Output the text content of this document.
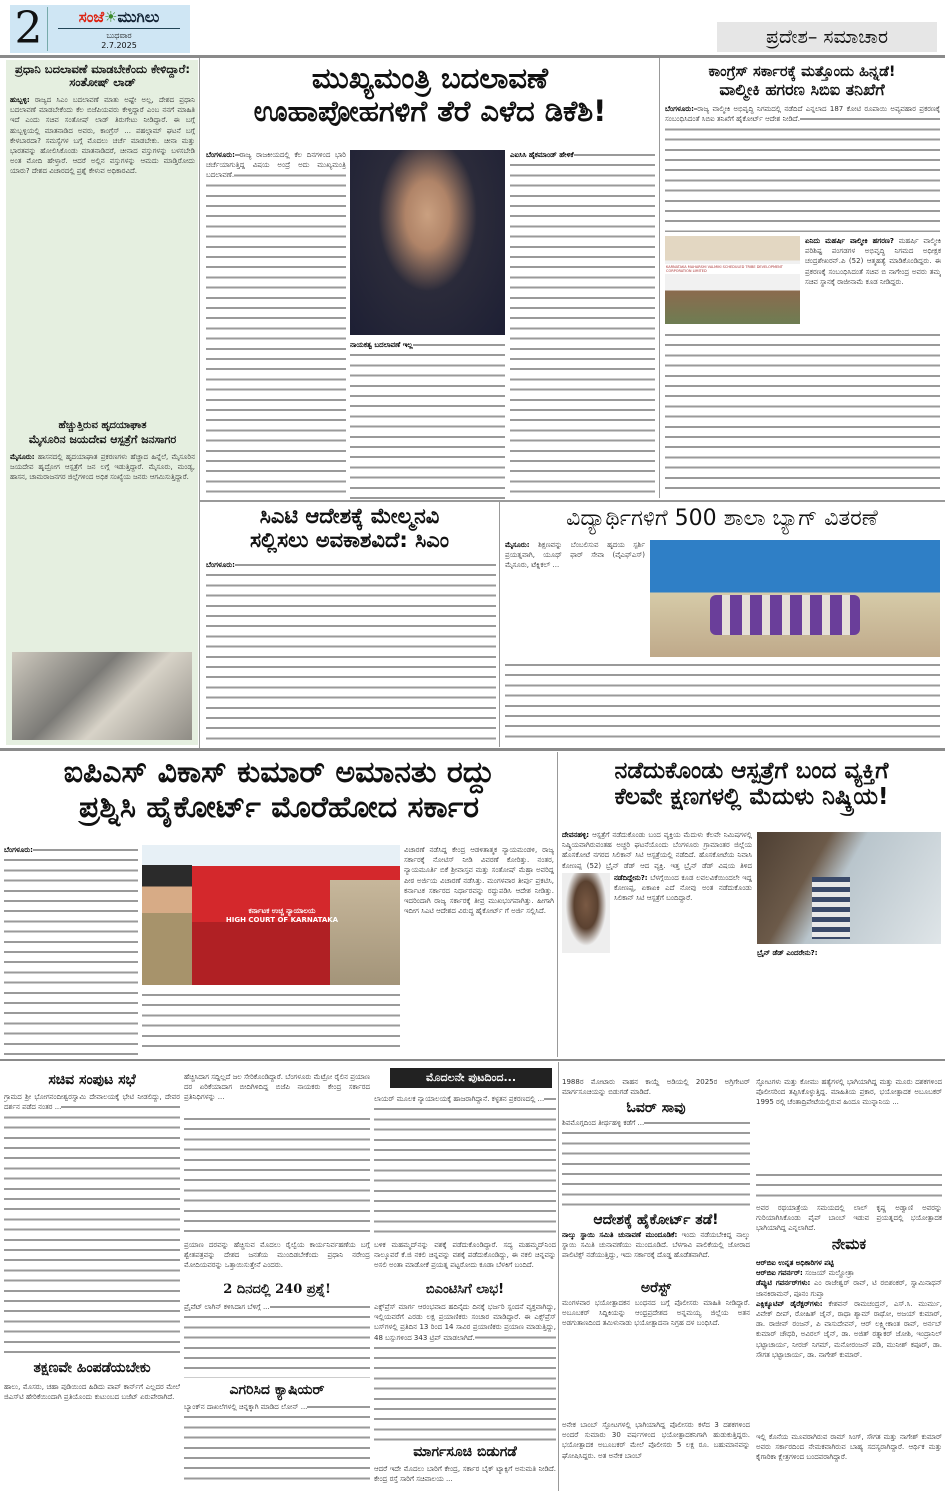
2	ಸಂಜೆ☀ಮುಗಿಲು
ಬುಧವಾರ
2.7.2025	ಪ್ರದೇಶ– ಸಮಾಚಾರ
ಪ್ರಧಾನಿ ಬದಲಾವಣೆ ಮಾಡಬೇಕೆಂದು ಕೇಳಿದ್ದಾರೆ: ಸಂತೋಷ್ ಲಾಡ್
ಹುಬ್ಬಳ್ಳಿ: ರಾಜ್ಯದ ಸಿಎಂ ಬದಲಾವಣೆ ಮಾತು ಅಷ್ಟೇ ಅಲ್ಲ, ದೇಶದ ಪ್ರಧಾನಿ ಬದಲಾವಣೆ ಮಾಡಬೇಕೆಂದು ಕೆಲ ಬಿಜೆಪಿಯವರು ಕೇಳ್ತಿದ್ದಾರೆ ಎಂಬ ನನಗೆ ಮಾಹಿತಿ ಇದೆ ಎಂದು ಸಚಿವ ಸಂತೋಷ್ ಲಾಡ್ ತಿರುಗೇಟು ನೀಡಿದ್ದಾರೆ. ಈ ಬಗ್ಗೆ ಹುಬ್ಬಳ್ಳಿಯಲ್ಲಿ ಮಾತನಾಡಿದ ಅವರು, ಕಾಂಗ್ರೆಸ್ ... ಪಹಲ್ಗಾಮ್ ಘಟನೆ ಬಗ್ಗೆ ಕೇಳಬಾರದಾ? ಸಮಸ್ಯೆಗಳ ಬಗ್ಗೆ ಮೊದಲು ಚರ್ಚೆ ಮಾಡಬೇಕು. ಚೀನಾ ಮತ್ತು ಭಾರತವನ್ನು ಹೋಲಿಸಿಕೊಂಡು ಮಾತನಾಡಿದರೆ, ಚೀನಾದ ವಸ್ತುಗಳನ್ನು ಬಳಸಬೇಡಿ ಅಂತ ಮೋದಿ ಹೇಳ್ತಾರೆ. ಆದರೆ ಅಲ್ಲಿನ ವಸ್ತುಗಳನ್ನು ಆಮದು ಮಾಡ್ತಿರೋದು ಯಾರು? ದೇಶದ ವಿಚಾರದಲ್ಲಿ ಪ್ರಶ್ನೆ ಕೇಳುವ ಅಧಿಕಾರವಿದೆ.
ಹೆಚ್ಚುತ್ತಿರುವ ಹೃದಯಾಘಾತ
ಮೈಸೂರಿನ ಜಯದೇವ ಆಸ್ಪತ್ರೆಗೆ ಜನಸಾಗರ
ಮೈಸೂರು: ಹಾಸನದಲ್ಲಿ ಹೃದಯಾಘಾತ ಪ್ರಕರಣಗಳು ಹೆಚ್ಚಾದ ಹಿನ್ನೆಲೆ, ಮೈಸೂರಿನ ಜಯದೇವ ಹೃದ್ರೋಗ ಆಸ್ಪತ್ರೆಗೆ ಜನ ಲಗ್ಗೆ ಇಡುತ್ತಿದ್ದಾರೆ. ಮೈಸೂರು, ಮಂಡ್ಯ, ಹಾಸನ, ಚಾಮರಾಜನಗರ ಜಿಲ್ಲೆಗಳಿಂದ ಅಧಿಕ ಸಂಖ್ಯೆಯ ಜನರು ಆಗಮಿಸುತ್ತಿದ್ದಾರೆ.
ಮುಖ್ಯಮಂತ್ರಿ ಬದಲಾವಣೆ
ಊಹಾಪೋಹಗಳಿಗೆ ತೆರೆ ಎಳೆದ ಡಿಕೆಶಿ!
ಬೆಂಗಳೂರು: ರಾಜ್ಯ ರಾಜಕೀಯದಲ್ಲಿ ಕೆಲ ದಿನಗಳಿಂದ ಭಾರಿ ಚರ್ಚೆಯಾಗುತ್ತಿದ್ದ ವಿಷಯ ಅಂದ್ರೆ ಅದು ಮುಖ್ಯಮಂತ್ರಿ ಬದಲಾವಣೆ.
ನಾಯಕತ್ವ ಬದಲಾವಣೆ ಇಲ್ಲ
ಎಐಸಿಸಿ ಹೈಕಮಾಂಡ್ ಹೇಳಿಕೆ
ಕಾಂಗ್ರೆಸ್ ಸರ್ಕಾರಕ್ಕೆ ಮತ್ತೊಂದು ಹಿನ್ನಡೆ!
ವಾಲ್ಮೀಕಿ ಹಗರಣ ಸಿಬಿಐ ತನಿಖೆಗೆ
ಬೆಂಗಳೂರು: ರಾಜ್ಯ ವಾಲ್ಮೀಕಿ ಅಭಿವೃದ್ಧಿ ನಿಗಮದಲ್ಲಿ ನಡೆದಿದೆ ಎನ್ನಲಾದ 187 ಕೋಟಿ ರೂಪಾಯಿ ಅವ್ಯವಹಾರ ಪ್ರಕರಣಕ್ಕೆ ಸಂಬಂಧಿಸಿದಂತೆ ಸಿಬಿಐ ತನಿಖೆಗೆ ಹೈಕೋರ್ಟ್ ಆದೇಶ ನೀಡಿದೆ.
KARNATAKA MAHARSHI VALMIKI SCHEDULED TRIBE DEVELOPMENT CORPORATION LIMITED
ಏನಿದು ಮಹರ್ಷಿ ವಾಲ್ಮೀಕಿ ಹಗರಣ? ಮಹರ್ಷಿ ವಾಲ್ಮೀಕಿ ಪರಿಶಿಷ್ಟ ಪಂಗಡಗಳ ಅಭಿವೃದ್ಧಿ ನಿಗಮದ ಅಧೀಕ್ಷಕ ಚಂದ್ರಶೇಖರನ್.ಪಿ (52) ಆತ್ಮಹತ್ಯೆ ಮಾಡಿಕೊಂಡಿದ್ದರು. ಈ ಪ್ರಕರಣಕ್ಕೆ ಸಂಬಂಧಿಸಿದಂತೆ ಸಚಿವ ಬಿ ನಾಗೇಂದ್ರ ಅವರು ತಮ್ಮ ಸಚಿವ ಸ್ಥಾನಕ್ಕೆ ರಾಜೀನಾಮೆ ಕೂಡ ನೀಡಿದ್ದರು.
ಸಿಎಟಿ ಆದೇಶಕ್ಕೆ ಮೇಲ್ಮನವಿ
ಸಲ್ಲಿಸಲು ಅವಕಾಶವಿದೆ: ಸಿಎಂ
ಬೆಂಗಳೂರು:
ವಿದ್ಯಾರ್ಥಿಗಳಿಗೆ 500 ಶಾಲಾ ಬ್ಯಾಗ್ ವಿತರಣೆ
ಮೈಸೂರು: ಶಿಕ್ಷಣವನ್ನು ಬೆಂಬಲಿಸುವ ಹೃದಯ ಸ್ಪರ್ಶಿ ಪ್ರಯತ್ನವಾಗಿ, ಯೂಥ್ ಫಾರ್ ಸೇವಾ (ವೈಎಫ್‌ಎಸ್) ಮೈಸೂರು, ಟೆಕ್ನಿಕಲ್ ...
ಐಪಿಎಸ್ ವಿಕಾಸ್ ಕುಮಾರ್ ಅಮಾನತು ರದ್ದು
ಪ್ರಶ್ನಿಸಿ ಹೈಕೋರ್ಟ್ ಮೊರೆಹೋದ ಸರ್ಕಾರ
ಬೆಂಗಳೂರು:
ಕರ್ನಾಟಕ ಉಚ್ಚ ನ್ಯಾಯಾಲಯ
HIGH COURT OF KARNATAKA
ವಿಚಾರಣೆ ನಡೆಸಿದ್ದ ಕೇಂದ್ರ ಆಡಳಿತಾತ್ಮಕ ನ್ಯಾಯಮಂಡಳಿ, ರಾಜ್ಯ ಸರ್ಕಾರಕ್ಕೆ ನೋಟಿಸ್ ನೀಡಿ ವಿವರಣೆ ಕೋರಿತ್ತು. ನಂತರ, ನ್ಯಾಯಮೂರ್ತಿ ಬಿಕೆ ಶ್ರೀವಾಸ್ತವ ಮತ್ತು ಸಂತೋಷ್ ಮೆಹ್ರಾ ಅವರಿದ್ದ ಪೀಠ ಅರ್ಜಿಯ ವಿಚಾರಣೆ ನಡೆಸಿತ್ತು. ಮಂಗಳವಾರ ತೀರ್ಪು ಪ್ರಕಟಿಸಿ, ಕರ್ನಾಟಕ ಸರ್ಕಾರದ ನಿರ್ಧಾರವನ್ನು ರದ್ದುಪಡಿಸಿ ಆದೇಶ ನೀಡಿತ್ತು. ಇದರಿಂದಾಗಿ ರಾಜ್ಯ ಸರ್ಕಾರಕ್ಕೆ ತೀವ್ರ ಮುಖಭಂಗವಾಗಿತ್ತು. ಹೀಗಾಗಿ ಇದೀಗ ಸಿಎಟಿ ಆದೇಶದ ವಿರುದ್ಧ ಹೈಕೋರ್ಟ್ ಗೆ ಅರ್ಜಿ ಸಲ್ಲಿಸಿದೆ.
ನಡೆದುಕೊಂಡು ಆಸ್ಪತ್ರೆಗೆ ಬಂದ ವ್ಯಕ್ತಿಗೆ
ಕೆಲವೇ ಕ್ಷಣಗಳಲ್ಲಿ ಮೆದುಳು ನಿಷ್ಕ್ರಿಯ!
ದೇವನಹಳ್ಳಿ: ಆಸ್ಪತ್ರೆಗೆ ನಡೆದುಕೊಂಡು ಬಂದ ವ್ಯಕ್ತಿಯ ಮೆದುಳು ಕೆಲವೇ ನಿಮಿಷಗಳಲ್ಲಿ ನಿಷ್ಕ್ರಿಯವಾಗಿರುವಂತಹ ಅಚ್ಚರಿ ಘಟನೆಯೊಂದು ಬೆಂಗಳೂರು ಗ್ರಾಮಾಂತರ ಜಿಲ್ಲೆಯ ಹೊಸಕೋಟೆ ನಗರದ ಸಿಲಿಕಾನ್ ಸಿಟಿ ಆಸ್ಪತ್ರೆಯಲ್ಲಿ ನಡೆದಿದೆ. ಹೊಸಕೋಟೆಯ ನಿವಾಸಿ ಕೋಣಪ್ಪ (52) ಬ್ರೈನ್ ಡೆಡ್ ಆದ ವ್ಯಕ್ತಿ. ಇತ್ತ ಬ್ರೈನ್ ಡೆಡ್ ವಿಷಯ ತಿಳಿದ
ನಡೆದಿದ್ದೇನು?: ಬೆಳಗ್ಗೆಯಿಂದ ಕೂಡ ಲವಲವಿಕೆಯಿಂದಲೇ ಇದ್ದ ಕೋಣಪ್ಪ, ಏಕಾಏಕಿ ಎದೆ ನೋವು ಅಂತ ನಡೆದುಕೊಂಡು ಸಿಲಿಕಾನ್ ಸಿಟಿ ಆಸ್ಪತ್ರೆಗೆ ಬಂದಿದ್ದಾರೆ.
ಬ್ರೈನ್ ಡೆಡ್ ಎಂದರೇನು?:
ಮೊದಲನೇ ಪುಟದಿಂದ...
ಸಚಿವ ಸಂಪುಟ ಸಭೆ
ಗ್ರಾಮದ ಶ್ರೀ ಭೋಗನಂದೀಶ್ವರಸ್ವಾಮಿ ದೇವಾಲಯಕ್ಕೆ ಭೇಟಿ ನೀಡಲಿದ್ದು, ದೇವರ ದರ್ಶನ ಪಡೆದ ನಂತರ ...
ತಕ್ಷಣವೇ ಹಿಂಪಡೆಯಬೇಕು
ಹಾಲು, ಮೊಸರು, ಚಹಾ ಪುಡಿಯಿಂದ ಹಿಡಿದು ಪಾಪ್ ಕಾರ್ನ್‌ಗೆ ಎಲ್ಲದರ ಮೇಲೆ ಜಿಎಸ್‌ಟಿ ಹೇರಿಕೆಯಿಂದಾಗಿ ಪ್ರತಿಯೊಂದು ಕುಟುಂಬದ ಬಜೆಟ್ ಏರುಪೇರಾಗಿದೆ.
ಹೆಚ್ಚಿಸಿದಾಗ ಸದ್ದಿಲ್ಲದೆ ಜಲ ಸೇರಿಕೊಂಡಿದ್ದಾರೆ. ಬೆಂಗಳೂರು ಮೆಟ್ರೋ ರೈಲಿನ ಪ್ರಯಾಣ ದರ ಏರಿಕೆಯಾದಾಗ ಬೀದಿಗಿಳಿದಿದ್ದ ಬಿಜೆಪಿ ನಾಯಕರು ಕೇಂದ್ರ ಸರ್ಕಾರದ ಪ್ರತಿನಿಧಿಗಳನ್ನು ...
ಪ್ರಯಾಣ ದರವನ್ನು ಹೆಚ್ಚಿಸುವ ಮೊದಲು ರೈಲ್ವೆಯ ಕಾರ್ಯನಿರ್ವಹಣೆಯ ಬಗ್ಗೆ ಶ್ವೇತಪತ್ರವನ್ನು ದೇಶದ ಜನತೆಯ ಮುಂದಿಡಬೇಕೆಂದು ಪ್ರಧಾನಿ ನರೇಂದ್ರ ಮೋದಿಯವರನ್ನು ಒತ್ತಾಯಿಸುತ್ತೇನೆ ಎಂದರು.
2 ದಿನದಲ್ಲಿ 240 ಪ್ರಶ್ನೆ!
ಪ್ರೈವೆಟ್ ಲಾಗಿನ್ ಕಳಿಸಿದಾಗ ಬೆಳಿಗ್ಗೆ ...
ಎಗರಿಸಿದ ಕ್ಯಾಷಿಯರ್
ಬ್ಯಾಂಕ್‌ನ ದಾಖಲೆಗಳಲ್ಲಿ ಚಿನ್ನಕ್ಕಾಗಿ ಮಾಡಿದ ಲೋನ್ ...
ಲಾಯರ್ ಮೂಲಕ ನ್ಯಾಯಾಲಯಕ್ಕೆ ಹಾಜರಾಗಿದ್ದಾನೆ. ಕಳ್ಳತನ ಪ್ರಕರಣದಲ್ಲಿ ...
ಬಳಿಕ ಮಹಮ್ಮದ್‌ನನ್ನು ವಶಕ್ಕೆ ಪಡೆದುಕೊಂಡಿದ್ದಾರೆ. ಸದ್ಯ ಮಹಮ್ಮದ್‌ನಿಂದ ನಾಲ್ಕೂವರೆ ಕೆ.ಜಿ ನಕಲಿ ಚಿನ್ನವನ್ನು ವಶಕ್ಕೆ ಪಡೆದುಕೊಂಡಿದ್ದು, ಈ ನಕಲಿ ಚಿನ್ನವನ್ನು ಅಸಲಿ ಅಂತಾ ಮಾಡೋಕೆ ಪ್ರಯತ್ನ ಪಟ್ಟರೋದು ಕೂಡಾ ಬೆಳಕಿಗೆ ಬಂದಿದೆ.
ಬಿಎಂಟಿಸಿಗೆ ಲಾಭ!
ಎಕ್ಸ್‌ಪ್ರೆಸ್ ಮಾರ್ಗ ಆರಂಭವಾದ ಹದಿನೈದು ದಿನಕ್ಕೆ ಭರ್ಜರಿ ಸ್ಪಂದನೆ ವ್ಯಕ್ತವಾಗಿದ್ದು, ಇಲ್ಲಿಯವರೆಗೆ ಎರಡು ಲಕ್ಷ ಪ್ರಯಾಣಿಕರು ಸಂಚಾರ ಮಾಡಿದ್ದಾರೆ. ಈ ಎಕ್ಸ್‌ಪ್ರೆಸ್ ಬಸ್‌ಗಳಲ್ಲಿ ಪ್ರತಿದಿನ 13 ರಿಂದ 14 ಸಾವಿರ ಪ್ರಯಾಣಿಕರು ಪ್ರಯಾಣ ಮಾಡುತ್ತಿದ್ದು, 48 ಬಸ್ಸುಗಳಿಂದ 343 ಟ್ರಿಪ್ ಮಾಡಲಾಗಿದೆ.
ಮಾರ್ಗಸೂಚಿ ಬಿಡುಗಡೆ
ಆದರೆ ಇದೇ ಮೊದಲು ಬಾರಿಗೆ ಕೇಂದ್ರ, ಸರ್ಕಾರ ಬೈಕ್ ಟ್ಯಾಕ್ಸಿಗೆ ಅನುಮತಿ ನೀಡಿದೆ. ಕೇಂದ್ರ ರಸ್ತೆ ಸಾರಿಗೆ ಸಚಿವಾಲಯ ...
1988ರ ಮೋಟಾರು ವಾಹನ ಕಾಯ್ದೆ ಅಡಿಯಲ್ಲಿ 2025ರ ಅಗ್ರಿಗೇಟರ್ ಮಾರ್ಗಸೂಚಿಯನ್ನು ಬಿಡುಗಡೆ ಮಾಡಿದೆ.
ಓವರ್ ಸಾವು
ಶಿವಮೊಗ್ಗದಿಂದ ತೀರ್ಥಹಳ್ಳಿ ಕಡೆಗೆ ...
ಆದೇಶಕ್ಕೆ ಹೈಕೋರ್ಟ್ ತಡೆ!
ನಾಲ್ಕು ಸ್ಥಾಯಿ ಸಮಿತಿ ಚುನಾವಣೆ ಮುಂದೂಡಿಕೆ: ಇಂದು ನಡೆಯಬೇಕಿದ್ದ ನಾಲ್ಕು ಸ್ಥಾಯಿ ಸಮಿತಿ ಚುನಾವಣೆಯು ಮುಂದೂಡಿದೆ. ಬೆಳಗಾವಿ ಪಾಲಿಕೆಯಲ್ಲಿ ಜೋರಾದ ಪಾಲಿಟಿಕ್ಸ್ ನಡೆಯುತ್ತಿದ್ದು, ಇದು ಸರ್ಕಾರಕ್ಕೆ ದೊಡ್ಡ ಹೊಡೆತವಾಗಿದೆ.
ಅರೆಸ್ಟ್
ಮಂಗಳವಾರ ಭಯೋತ್ಪಾದಕನ ಬಂಧನದ ಬಗ್ಗೆ ಪೊಲೀಸರು ಮಾಹಿತಿ ನೀಡಿದ್ದಾರೆ. ಅಬೂಬಕರ್ ಸಿದ್ದಿಕಿಯನ್ನು ಆಂಧ್ರಪ್ರದೇಶದ ಅನ್ನಮಯ್ಯ ಜಿಲ್ಲೆಯ ಅತನ ಅಡಗುತಾಣದಿಂದ ತಮಿಳುನಾಡು ಭಯೋತ್ಪಾದನಾ ನಿಗ್ರಹ ದಳ ಬಂಧಿಸಿದೆ.
ಅನೇಕ ಬಾಂಬ್ ಸ್ಫೋಟಗಳಲ್ಲಿ ಭಾಗಿಯಾಗಿದ್ದ ಪೊಲೀಸರು ಕಳೆದ 3 ದಶಕಗಳಿಂದ ಅಂದರೆ ಸುಮಾರು 30 ವರ್ಷಗಳಿಂದ ಭಯೋತ್ಪಾದಕನಿಗಾಗಿ ಹುಡುಕುತ್ತಿದ್ದರು. ಭಯೋತ್ಪಾದಕ ಅಬೂಬಕರ್ ಮೇಲೆ ಪೊಲೀಸರು 5 ಲಕ್ಷ ರೂ. ಬಹುಮಾನವನ್ನು ಘೋಷಿಸಿದ್ದರು. ಅತ ಅನೇಕ ಬಾಂಬ್
ಸ್ಫೋಟಗಳು ಮತ್ತು ಕೋಮು ಹತ್ಯೆಗಳಲ್ಲಿ ಭಾಗಿಯಾಗಿದ್ದ ಮತ್ತು ಮೂರು ದಶಕಗಳಿಂದ ಪೊಲೀಸರಿಂದ ತಪ್ಪಿಸಿಕೊಳ್ಳುತ್ತಿದ್ದ. ಮಾಹಿತಿಯ ಪ್ರಕಾರ, ಭಯೋತ್ಪಾದಕ ಅಬೂಬಕರ್ 1995 ರಲ್ಲಿ ಚೆಂತಾದ್ರಿಪೇಟೆಯಲ್ಲಿರುವ ಹಿಂದೂ ಮುನ್ನಾನಿಯ ...
ಅವರ ರಥಯಾತ್ರೆಯ ಸಮಯದಲ್ಲಿ ಲಾಲ್ ಕೃಷ್ಣ ಅಡ್ವಾಣಿ ಅವರನ್ನು ಗುರಿಯಾಗಿಸಿಕೊಂಡು ಪೈಪ್ ಬಾಂಬ್ ಇಡುವ ಪ್ರಯತ್ನದಲ್ಲಿ ಭಯೋತ್ಪಾದಕ ಭಾಗಿಯಾಗಿದ್ದ ಎನ್ನಲಾಗಿದೆ.
ನೇಮಕ
ಆರ್‌ಬಿಐ ಉನ್ನತ ಅಧಿಕಾರಿಗಳ ಪಟ್ಟಿ
ಆರ್‌ಬಿಐ ಗವರ್ನರ್: ಸಂಜಯ್ ಮಲ್ಹೋತ್ರಾ
ಡೆಪ್ಯುಟಿ ಗವರ್ನರ್‌ಗಳು: ಎಂ ರಾಜೇಶ್ವರ್ ರಾವ್, ಟಿ ರಬಿಶಂಕರ್, ಸ್ವಾಮಿನಾಥನ್ ಜಾನಕಿರಾಮನ್, ಪೂನಂ ಗುಪ್ತಾ
ಎಕ್ಸಿಕ್ಯೂಟಿವ್ ಡೈರೆಕ್ಟರ್‌ಗಳು: ಕೇಶವನ್ ರಾಮಚಂದ್ರನ್, ಎಸ್.ಸಿ. ಮುರ್ಮು, ವಿವೇಕ್ ದೀಪ್, ರೋಹಿತ್ ಜೈನ್, ರಾಧಾ ಶ್ಯಾಮ್ ರಾಥೋ, ಅಜಯ್ ಕುಮಾರ್, ಡಾ. ರಾಜೀವ್ ರಂಜನ್, ಪಿ ವಾಸುದೇವನ್, ಆರ್ ಲಕ್ಷ್ಮೀಕಾಂತ ರಾವ್, ಅರ್ನಬ್ ಕುಮಾರ್ ಚೌಧರಿ, ಅವಿರಲ್ ಜೈನ್, ಡಾ. ಅಜಿತ್ ರತ್ನಾಕರ್ ಜೋಶಿ, ಇಂದ್ರಾನಿಲ್ ಭಟ್ಟಾಚಾರ್ಯ, ನೀರಜ್ ನಿಗಮ್, ಮನೋರಂಜನ್ ಪಡಿ, ಮುನೀಶ್ ಕಪೂರ್, ಡಾ. ಸೌಗತ ಭಟ್ಟಾಚಾರ್ಯ, ಡಾ. ನಾಗೇಶ್ ಕುಮಾರ್.
ಇಲ್ಲಿ ಕೊನೆಯ ಮೂವರಾಗಿರುವ ರಾಮ್ ಸಿಂಗ್, ಸೌಗತ ಮತ್ತು ನಾಗೇಶ್ ಕುಮಾರ್ ಅವರು ಸರ್ಕಾರದಿಂದ ನೇಮಕವಾಗಿರುವ ಬಾಹ್ಯ ಸದಸ್ಯರಾಗಿದ್ದಾರೆ. ಆರ್ಥಿಕ ಮತ್ತು ಕೈಗಾರಿಕಾ ಕ್ಷೇತ್ರಗಳಿಂದ ಬಂದವರಾಗಿದ್ದಾರೆ.
